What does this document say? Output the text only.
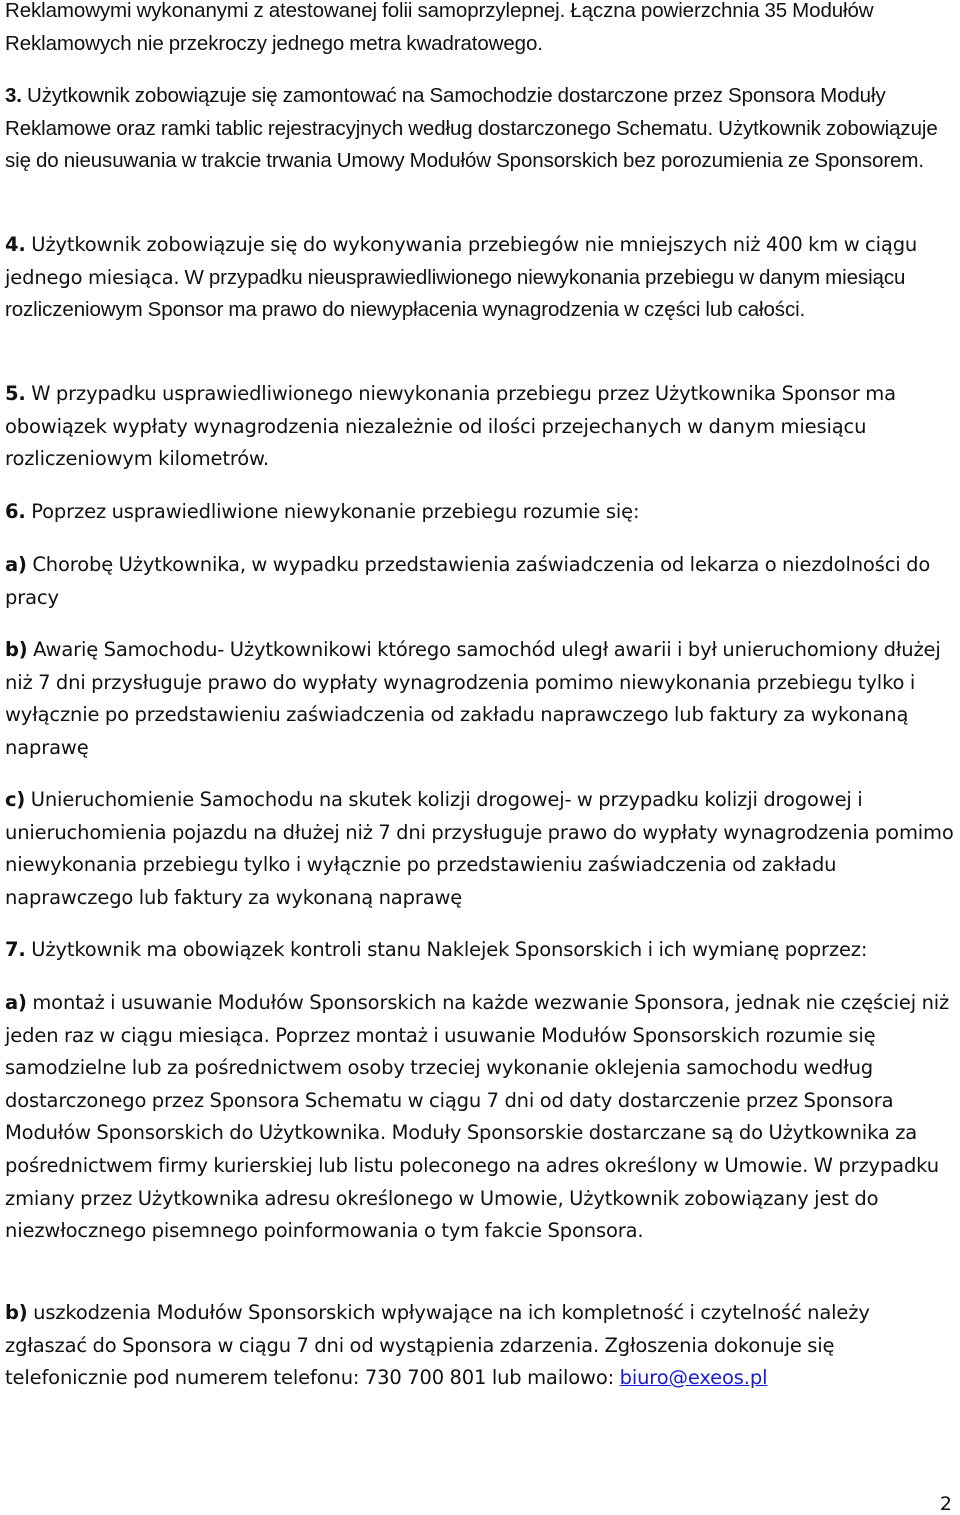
Reklamowymi wykonanymi z atestowanej folii samoprzylepnej. Łączna powierzchnia 35 Modułów Reklamowych nie przekroczy jednego metra kwadratowego.

3. Użytkownik zobowiązuje się zamontować na Samochodzie dostarczone przez Sponsora Moduły Reklamowe oraz ramki tablic rejestracyjnych według dostarczonego Schematu. Użytkownik zobowiązuje się do nieusuwania w trakcie trwania Umowy Modułów Sponsorskich bez porozumienia ze Sponsorem.

4. Użytkownik zobowiązuje się do wykonywania przebiegów nie mniejszych niż 400 km w ciągu jednego miesiąca. W przypadku nieusprawiedliwionego niewykonania przebiegu w danym miesiącu rozliczeniowym Sponsor ma prawo do niewypłacenia wynagrodzenia w części lub całości.

5. W przypadku usprawiedliwionego niewykonania przebiegu przez Użytkownika Sponsor ma obowiązek wypłaty wynagrodzenia niezależnie od ilości przejechanych w danym miesiącu rozliczeniowym kilometrów.

6. Poprzez usprawiedliwione niewykonanie przebiegu rozumie się:

a) Chorobę Użytkownika, w wypadku przedstawienia zaświadczenia od lekarza o niezdolności do pracy

b) Awarię Samochodu- Użytkownikowi którego samochód uległ awarii i był unieruchomiony dłużej niż 7 dni przysługuje prawo do wypłaty wynagrodzenia pomimo niewykonania przebiegu tylko i wyłącznie po przedstawieniu zaświadczenia od zakładu naprawczego lub faktury za wykonaną naprawę

c) Unieruchomienie Samochodu na skutek kolizji drogowej- w przypadku kolizji drogowej i unieruchomienia pojazdu na dłużej niż 7 dni przysługuje prawo do wypłaty wynagrodzenia pomimo niewykonania przebiegu tylko i wyłącznie po przedstawieniu zaświadczenia od zakładu naprawczego lub faktury za wykonaną naprawę

7. Użytkownik ma obowiązek kontroli stanu Naklejek Sponsorskich i ich wymianę poprzez:

a) montaż i usuwanie Modułów Sponsorskich na każde wezwanie Sponsora, jednak nie częściej niż jeden raz w ciągu miesiąca. Poprzez montaż i usuwanie Modułów Sponsorskich rozumie się samodzielne lub za pośrednictwem osoby trzeciej wykonanie oklejenia samochodu według dostarczonego przez Sponsora Schematu w ciągu 7 dni od daty dostarczenie przez Sponsora Modułów Sponsorskich do Użytkownika. Moduły Sponsorskie dostarczane są do Użytkownika za pośrednictwem firmy kurierskiej lub listu poleconego na adres określony w Umowie. W przypadku zmiany przez Użytkownika adresu określonego w Umowie, Użytkownik zobowiązany jest do niezwłocznego pisemnego poinformowania o tym fakcie Sponsora.

b) uszkodzenia Modułów Sponsorskich wpływające na ich kompletność i czytelność należy zgłaszać do Sponsora w ciągu 7 dni od wystąpienia zdarzenia. Zgłoszenia dokonuje się telefonicznie pod numerem telefonu: 730 700 801 lub mailowo: biuro@exeos.pl

2
